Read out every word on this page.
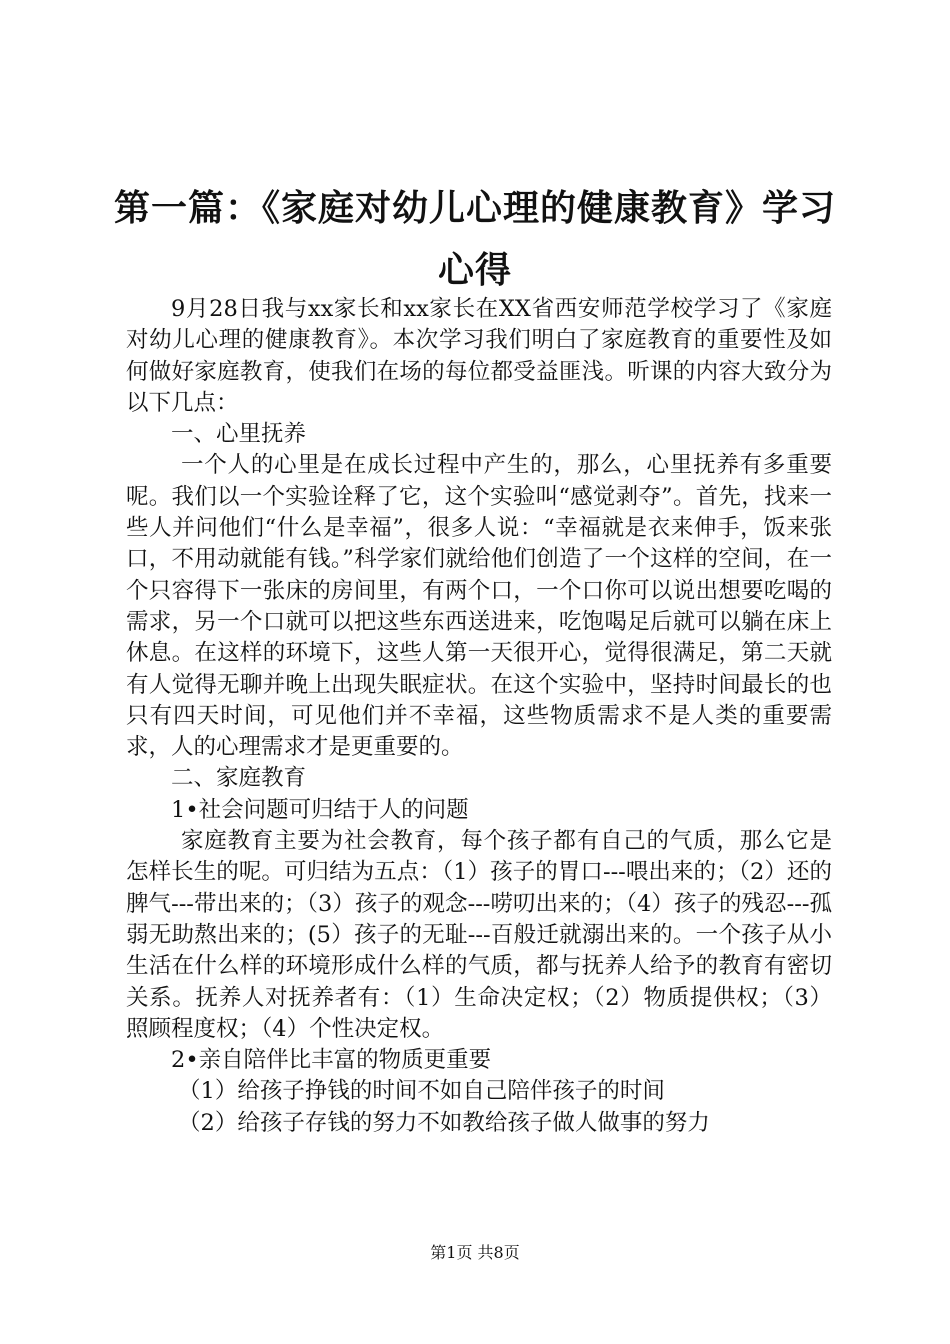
第一篇：《家庭对幼儿心理的健康教育》学习
心得

9月28日我与xx家长和xx家长在XX省西安师范学校学习了《家庭对幼儿心理的健康教育》。本次学习我们明白了家庭教育的重要性及如何做好家庭教育，使我们在场的每位都受益匪浅。听课的内容大致分为以下几点：

一、心里抚养

一个人的心里是在成长过程中产生的，那么，心里抚养有多重要呢。我们以一个实验诠释了它，这个实验叫“感觉剥夺”。首先，找来一些人并问他们“什么是幸福”，很多人说：“幸福就是衣来伸手，饭来张口，不用动就能有钱。”科学家们就给他们创造了一个这样的空间，在一个只容得下一张床的房间里，有两个口，一个口你可以说出想要吃喝的需求，另一个口就可以把这些东西送进来，吃饱喝足后就可以躺在床上休息。在这样的环境下，这些人第一天很开心，觉得很满足，第二天就有人觉得无聊并晚上出现失眠症状。在这个实验中，坚持时间最长的也只有四天时间，可见他们并不幸福，这些物质需求不是人类的重要需求，人的心理需求才是更重要的。

二、家庭教育

1•社会问题可归结于人的问题

家庭教育主要为社会教育，每个孩子都有自己的气质，那么它是怎样长生的呢。可归结为五点：（1）孩子的胃口---喂出来的；（2）还的脾气---带出来的；（3）孩子的观念---唠叨出来的；（4）孩子的残忍---孤弱无助熬出来的；(5）孩子的无耻---百般迁就溺出来的。一个孩子从小生活在什么样的环境形成什么样的气质，都与抚养人给予的教育有密切关系。抚养人对抚养者有：（1）生命决定权；（2）物质提供权；（3）照顾程度权；（4）个性决定权。

2•亲自陪伴比丰富的物质更重要

（1）给孩子挣钱的时间不如自己陪伴孩子的时间

（2）给孩子存钱的努力不如教给孩子做人做事的努力

第1页 共8页
